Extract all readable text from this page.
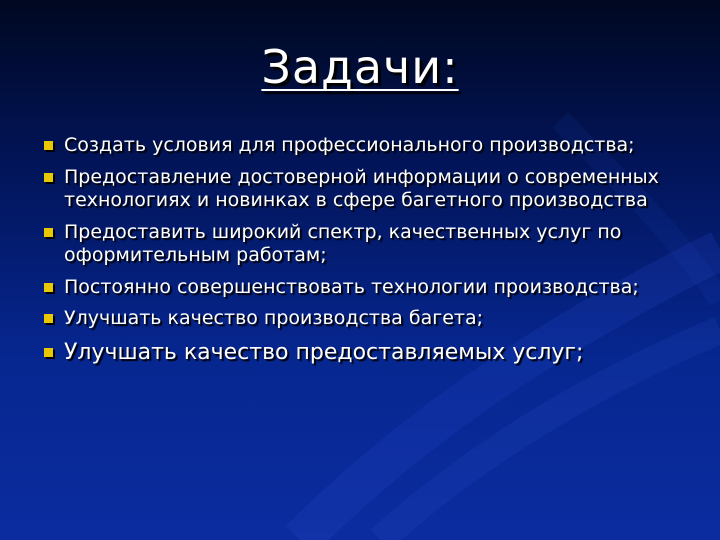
Задачи:
Создать условия для профессионального производства;
Предоставление достоверной информации о современных технологиях и новинках в сфере багетного производства
Предоставить широкий спектр, качественных услуг по оформительным работам;
Постоянно совершенствовать технологии производства;
Улучшать качество производства багета;
Улучшать качество предоставляемых услуг;
